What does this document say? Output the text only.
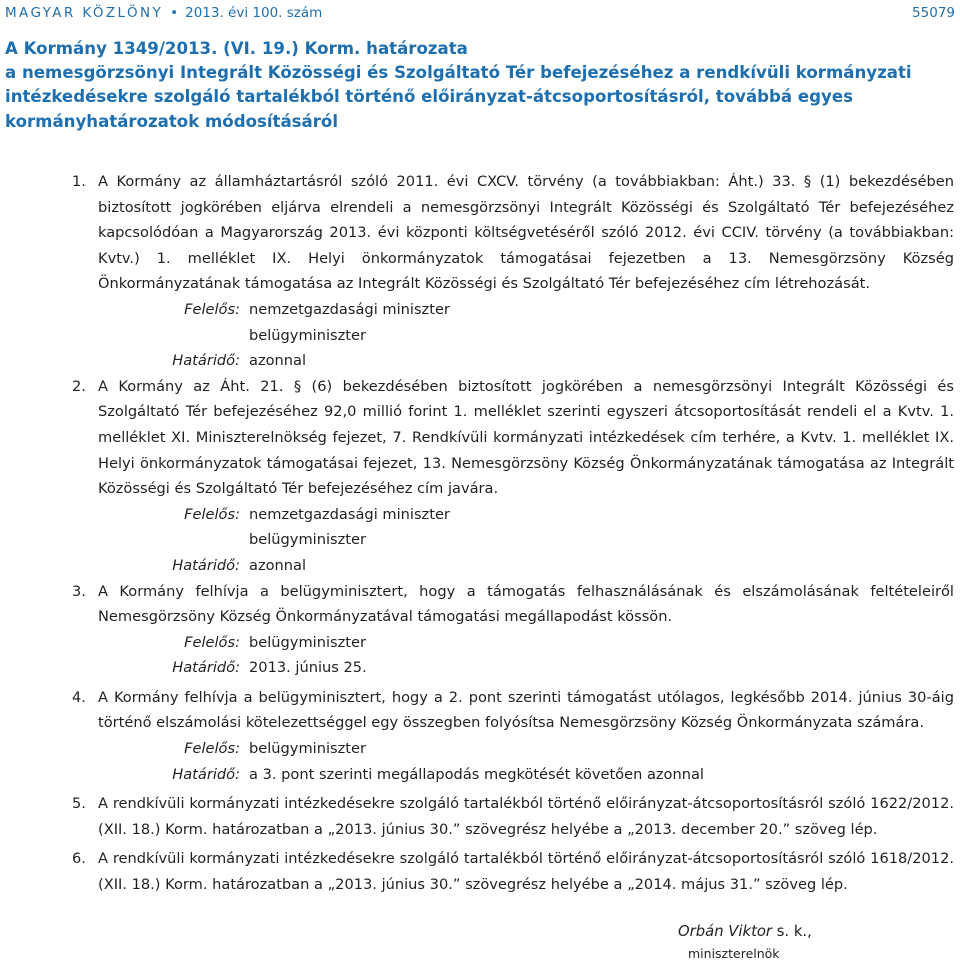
MAGYAR KÖZLÖNY • 2013. évi 100. szám	55079
A Kormány 1349/2013. (VI. 19.) Korm. határozata
a nemesgörzsönyi Integrált Közösségi és Szolgáltató Tér befejezéséhez a rendkívüli kormányzati intézkedésekre szolgáló tartalékból történő előirányzat-átcsoportosításról, továbbá egyes kormányhatározatok módosításáról

1. A Kormány az államháztartásról szóló 2011. évi CXCV. törvény (a továbbiakban: Áht.) 33. § (1) bekezdésében biztosított jogkörében eljárva elrendeli a nemesgörzsönyi Integrált Közösségi és Szolgáltató Tér befejezéséhez kapcsolódóan a Magyarország 2013. évi központi költségvetéséről szóló 2012. évi CCIV. törvény (a továbbiakban: Kvtv.) 1. melléklet IX. Helyi önkormányzatok támogatásai fejezetben a 13. Nemesgörzsöny Község Önkormányzatának támogatása az Integrált Közösségi és Szolgáltató Tér befejezéséhez cím létrehozását.

Felelős: nemzetgazdasági miniszter
belügyminiszter
Határidő: azonnal

2. A Kormány az Áht. 21. § (6) bekezdésében biztosított jogkörében a nemesgörzsönyi Integrált Közösségi és Szolgáltató Tér befejezéséhez 92,0 millió forint 1. melléklet szerinti egyszeri átcsoportosítását rendeli el a Kvtv. 1. melléklet XI. Miniszterelnökség fejezet, 7. Rendkívüli kormányzati intézkedések cím terhére, a Kvtv. 1. melléklet IX. Helyi önkormányzatok támogatásai fejezet, 13. Nemesgörzsöny Község Önkormányzatának támogatása az Integrált Közösségi és Szolgáltató Tér befejezéséhez cím javára.

Felelős: nemzetgazdasági miniszter
belügyminiszter
Határidő: azonnal

3. A Kormány felhívja a belügyminisztert, hogy a támogatás felhasználásának és elszámolásának feltételeiről Nemesgörzsöny Község Önkormányzatával támogatási megállapodást kössön.

Felelős: belügyminiszter
Határidő: 2013. június 25.

4. A Kormány felhívja a belügyminisztert, hogy a 2. pont szerinti támogatást utólagos, legkésőbb 2014. június 30-áig történő elszámolási kötelezettséggel egy összegben folyósítsa Nemesgörzsöny Község Önkormányzata számára.

Felelős: belügyminiszter
Határidő: a 3. pont szerinti megállapodás megkötését követően azonnal

5. A rendkívüli kormányzati intézkedésekre szolgáló tartalékból történő előirányzat-átcsoportosításról szóló 1622/2012. (XII. 18.) Korm. határozatban a „2013. június 30.” szövegrész helyébe a „2013. december 20.” szöveg lép.

6. A rendkívüli kormányzati intézkedésekre szolgáló tartalékból történő előirányzat-átcsoportosításról szóló 1618/2012. (XII. 18.) Korm. határozatban a „2013. június 30.” szövegrész helyébe a „2014. május 31.” szöveg lép.

Orbán Viktor s. k.,
miniszterelnök
